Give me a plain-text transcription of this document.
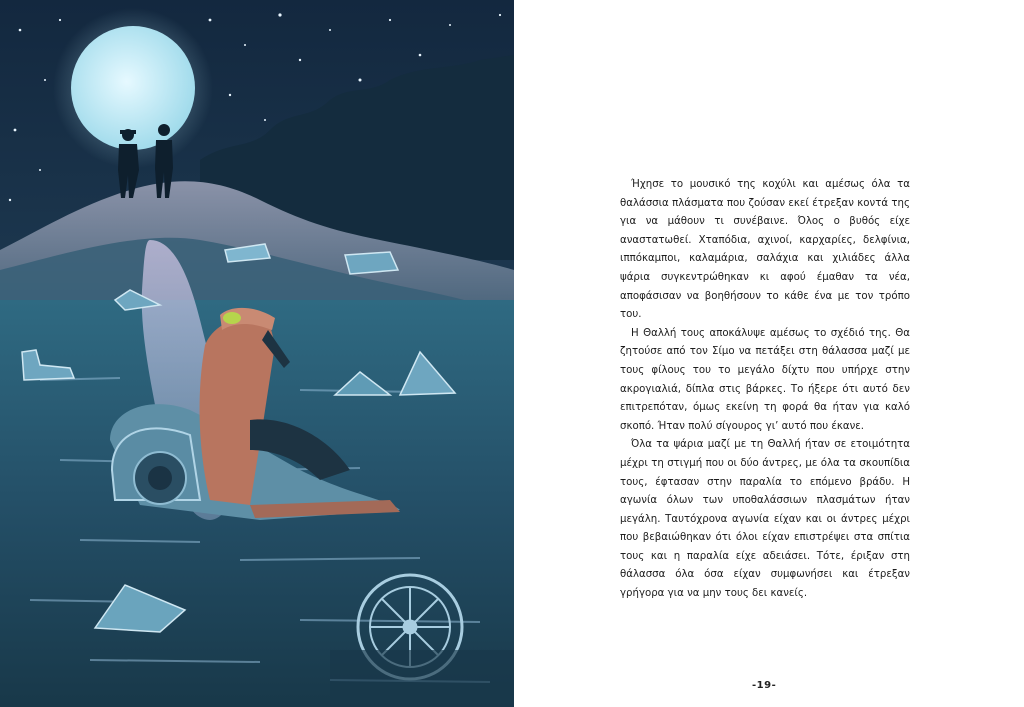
Ήχησε το μουσικό της κοχύλι και αμέσως όλα τα θαλάσσια πλάσματα που ζούσαν εκεί έτρεξαν κοντά της για να μάθουν τι συνέβαινε. Όλος ο βυθός είχε αναστατωθεί. Χταπόδια, αχινοί, καρχαρίες, δελφίνια, ιππόκαμποι, καλαμάρια, σαλάχια και χιλιάδες άλλα ψάρια συγκεντρώθηκαν κι αφού έμαθαν τα νέα, αποφάσισαν να βοηθήσουν το κάθε ένα με τον τρόπο του.

Η Θαλλή τους αποκάλυψε αμέσως το σχέδιό της. Θα ζητούσε από τον Σίμο να πετάξει στη θάλασσα μαζί με τους φίλους του το μεγάλο δίχτυ που υπήρχε στην ακρογιαλιά, δίπλα στις βάρκες. Το ήξερε ότι αυτό δεν επιτρεπόταν, όμως εκείνη τη φορά θα ήταν για καλό σκοπό. Ήταν πολύ σίγουρος γι’ αυτό που έκανε.

Όλα τα ψάρια μαζί με τη Θαλλή ήταν σε ετοιμότητα μέχρι τη στιγμή που οι δύο άντρες, με όλα τα σκουπίδια τους, έφτασαν στην παραλία το επόμενο βράδυ. Η αγωνία όλων των υποθαλάσσιων πλασμάτων ήταν μεγάλη. Ταυτόχρονα αγωνία είχαν και οι άντρες μέχρι που βεβαιώθηκαν ότι όλοι είχαν επιστρέψει στα σπίτια τους και η παραλία είχε αδειάσει. Τότε, έριξαν στη θάλασσα όλα όσα είχαν συμφωνήσει και έτρεξαν γρήγορα για να μην τους δει κανείς.

-19-
